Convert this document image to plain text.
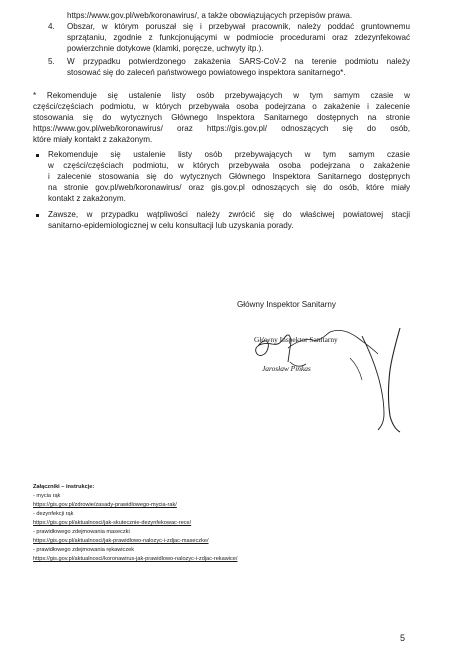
https://www.gov.pl/web/koronawirus/, a także obowiązujących przepisów prawa.
4. Obszar, w którym poruszał się i przebywał pracownik, należy poddać gruntownemu
sprzątaniu, zgodnie z funkcjonującymi w podmiocie procedurami oraz zdezynfekować
powierzchnie dotykowe (klamki, poręcze, uchwyty itp.).
5. W przypadku potwierdzonego zakażenia SARS-CoV-2 na terenie podmiotu należy
stosować się do zaleceń państwowego powiatowego inspektora sanitarnego*.
* Rekomenduje się ustalenie listy osób przebywających w tym samym czasie w
części/częściach podmiotu, w których przebywała osoba podejrzana o zakażenie i zalecenie
stosowania się do wytycznych Głównego Inspektora Sanitarnego dostępnych na stronie
https://www.gov.pl/web/koronawirus/ oraz https://gis.gov.pl/ odnoszących się do osób,
które miały kontakt z zakażonym.
Rekomenduje się ustalenie listy osób przebywających w tym samym czasie
w części/częściach podmiotu, w których przebywała osoba podejrzana o zakażenie
i zalecenie stosowania się do wytycznych Głównego Inspektora Sanitarnego dostępnych
na stronie gov.pl/web/koronawirus/ oraz gis.gov.pl odnoszących się do osób, które miały
kontakt z zakażonym.
Zawsze, w przypadku wątpliwości należy zwrócić się do właściwej powiatowej stacji
sanitarno-epidemiologicznej w celu konsultacji lub uzyskania porady.
Główny Inspektor Sanitarny
Główny Inspektor Sanitarny
Jarosław Pinkas
Załączniki – instrukcje:
- mycia rąk
https://gis.gov.pl/zdrowie/zasady-prawidlowego-mycia-rak/
- dezynfekcji rąk
https://gis.gov.pl/aktualnosci/jak-skutecznie-dezynfekowac-rece/
- prawidłowego zdejmowania maseczki
https://gis.gov.pl/aktualnosci/jak-prawidlowo-nalozyc-i-zdjac-maseczke/
- prawidłowego zdejmowania rękawiczek
https://gis.gov.pl/aktualnosci/koronawirus-jak-prawidlowo-nalozyc-i-zdjac-rekawice/
5
